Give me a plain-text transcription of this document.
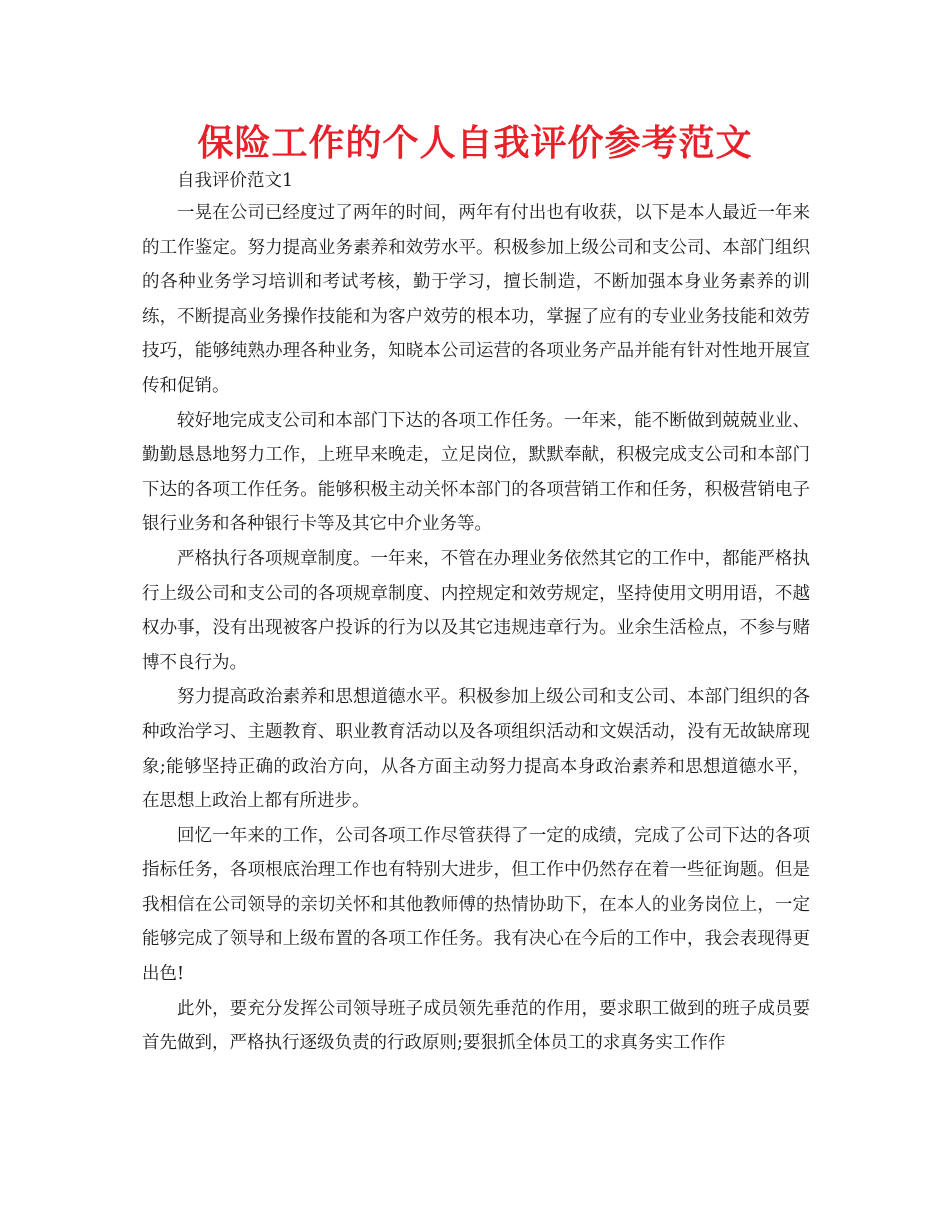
保险工作的个人自我评价参考范文

自我评价范文1

一晃在公司已经度过了两年的时间，两年有付出也有收获，以下是本人最近一年来的工作鉴定。努力提高业务素养和效劳水平。积极参加上级公司和支公司、本部门组织的各种业务学习培训和考试考核，勤于学习，擅长制造，不断加强本身业务素养的训练，不断提高业务操作技能和为客户效劳的根本功，掌握了应有的专业业务技能和效劳技巧，能够纯熟办理各种业务，知晓本公司运营的各项业务产品并能有针对性地开展宣传和促销。

较好地完成支公司和本部门下达的各项工作任务。一年来，能不断做到兢兢业业、勤勤恳恳地努力工作，上班早来晚走，立足岗位，默默奉献，积极完成支公司和本部门下达的各项工作任务。能够积极主动关怀本部门的各项营销工作和任务，积极营销电子银行业务和各种银行卡等及其它中介业务等。

严格执行各项规章制度。一年来，不管在办理业务依然其它的工作中，都能严格执行上级公司和支公司的各项规章制度、内控规定和效劳规定，坚持使用文明用语，不越权办事，没有出现被客户投诉的行为以及其它违规违章行为。业余生活检点，不参与赌博不良行为。

努力提高政治素养和思想道德水平。积极参加上级公司和支公司、本部门组织的各种政治学习、主题教育、职业教育活动以及各项组织活动和文娱活动，没有无故缺席现象;能够坚持正确的政治方向，从各方面主动努力提高本身政治素养和思想道德水平，在思想上政治上都有所进步。

回忆一年来的工作，公司各项工作尽管获得了一定的成绩，完成了公司下达的各项指标任务，各项根底治理工作也有特别大进步，但工作中仍然存在着一些征询题。但是我相信在公司领导的亲切关怀和其他教师傅的热情协助下，在本人的业务岗位上，一定能够完成了领导和上级布置的各项工作任务。我有决心在今后的工作中，我会表现得更出色!

此外，要充分发挥公司领导班子成员领先垂范的作用，要求职工做到的班子成员要首先做到，严格执行逐级负责的行政原则;要狠抓全体员工的求真务实工作作
